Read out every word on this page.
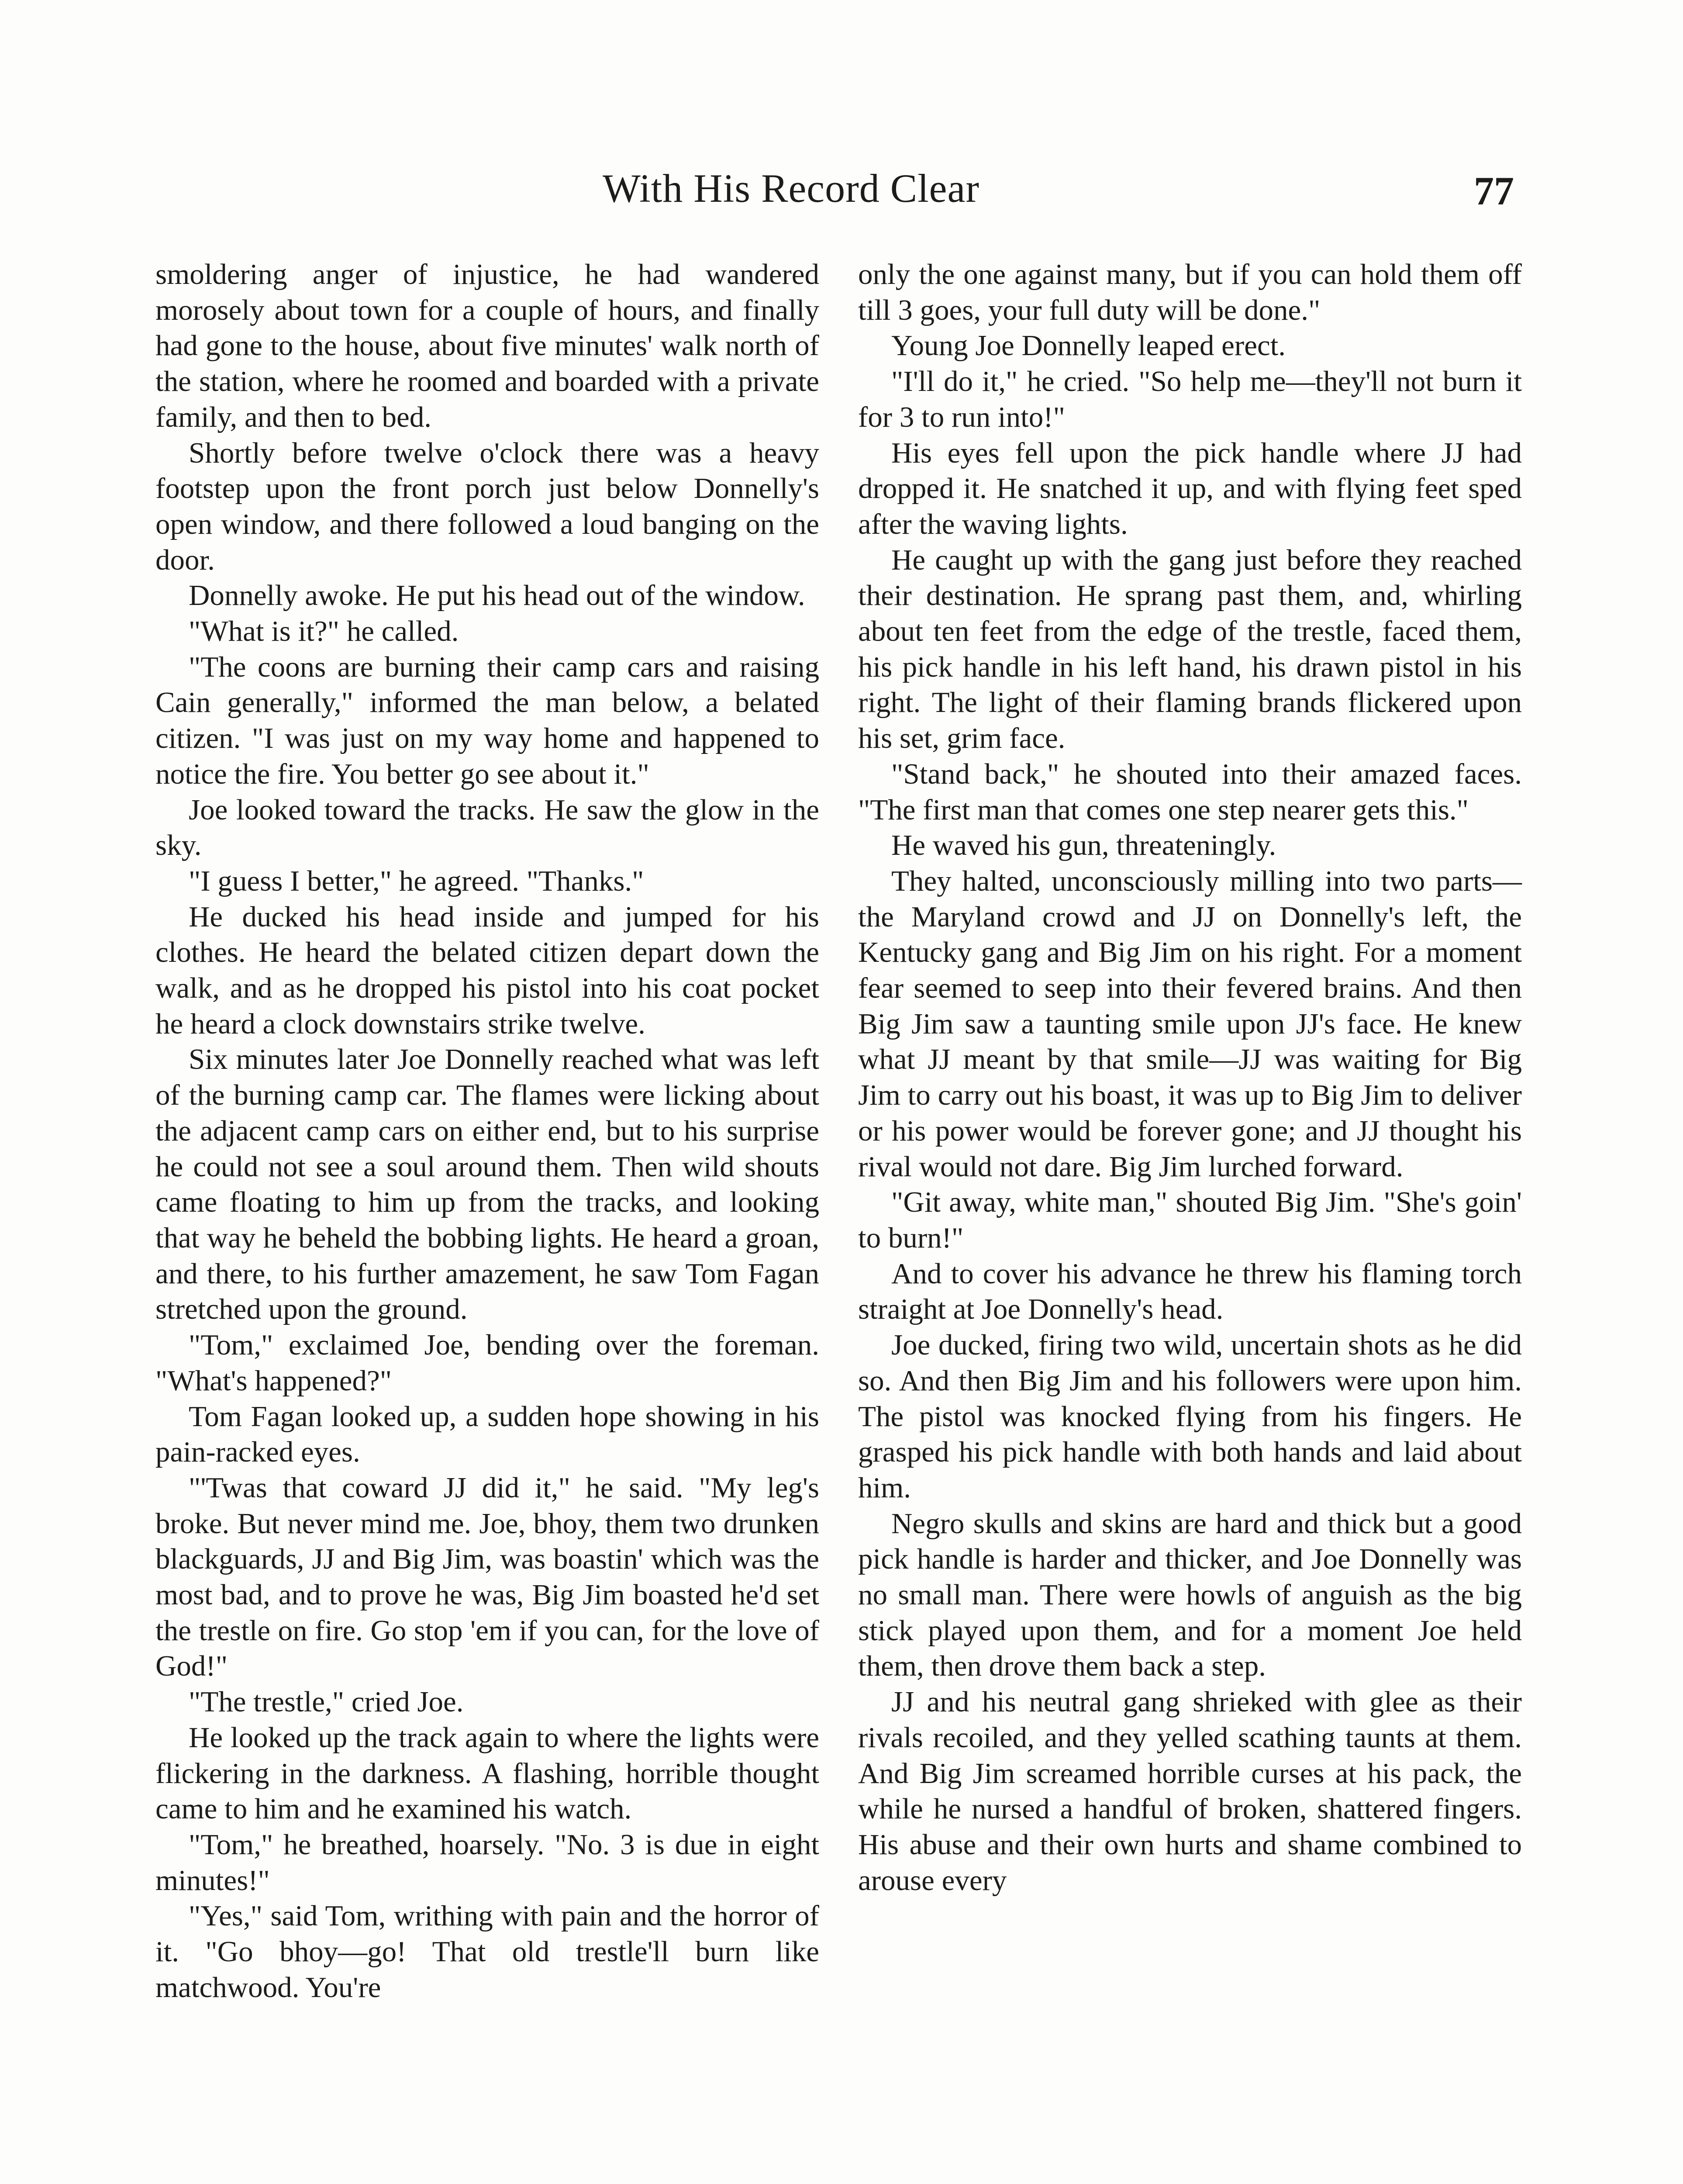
With His Record Clear	77

smoldering anger of injustice, he had wandered morosely about town for a couple of hours, and finally had gone to the house, about five minutes' walk north of the station, where he roomed and boarded with a private family, and then to bed.

Shortly before twelve o'clock there was a heavy footstep upon the front porch just below Donnelly's open window, and there followed a loud banging on the door.

Donnelly awoke. He put his head out of the window.

"What is it?" he called.

"The coons are burning their camp cars and raising Cain generally," informed the man below, a belated citizen. "I was just on my way home and happened to notice the fire. You better go see about it."

Joe looked toward the tracks. He saw the glow in the sky.

"I guess I better," he agreed. "Thanks."

He ducked his head inside and jumped for his clothes. He heard the belated citizen depart down the walk, and as he dropped his pistol into his coat pocket he heard a clock downstairs strike twelve.

Six minutes later Joe Donnelly reached what was left of the burning camp car. The flames were licking about the adjacent camp cars on either end, but to his surprise he could not see a soul around them. Then wild shouts came floating to him up from the tracks, and looking that way he beheld the bobbing lights. He heard a groan, and there, to his further amazement, he saw Tom Fagan stretched upon the ground.

"Tom," exclaimed Joe, bending over the foreman. "What's happened?"

Tom Fagan looked up, a sudden hope showing in his pain-racked eyes.

"'Twas that coward JJ did it," he said. "My leg's broke. But never mind me. Joe, bhoy, them two drunken blackguards, JJ and Big Jim, was boastin' which was the most bad, and to prove he was, Big Jim boasted he'd set the trestle on fire. Go stop 'em if you can, for the love of God!"

"The trestle," cried Joe.

He looked up the track again to where the lights were flickering in the darkness. A flashing, horrible thought came to him and he examined his watch.

"Tom," he breathed, hoarsely. "No. 3 is due in eight minutes!"

"Yes," said Tom, writhing with pain and the horror of it. "Go bhoy—go! That old trestle'll burn like matchwood. You're

only the one against many, but if you can hold them off till 3 goes, your full duty will be done."

Young Joe Donnelly leaped erect.

"I'll do it," he cried. "So help me—they'll not burn it for 3 to run into!"

His eyes fell upon the pick handle where JJ had dropped it. He snatched it up, and with flying feet sped after the waving lights.

He caught up with the gang just before they reached their destination. He sprang past them, and, whirling about ten feet from the edge of the trestle, faced them, his pick handle in his left hand, his drawn pistol in his right. The light of their flaming brands flickered upon his set, grim face.

"Stand back," he shouted into their amazed faces. "The first man that comes one step nearer gets this."

He waved his gun, threateningly.

They halted, unconsciously milling into two parts—the Maryland crowd and JJ on Donnelly's left, the Kentucky gang and Big Jim on his right. For a moment fear seemed to seep into their fevered brains. And then Big Jim saw a taunting smile upon JJ's face. He knew what JJ meant by that smile—JJ was waiting for Big Jim to carry out his boast, it was up to Big Jim to deliver or his power would be forever gone; and JJ thought his rival would not dare. Big Jim lurched forward.

"Git away, white man," shouted Big Jim. "She's goin' to burn!"

And to cover his advance he threw his flaming torch straight at Joe Donnelly's head.

Joe ducked, firing two wild, uncertain shots as he did so. And then Big Jim and his followers were upon him. The pistol was knocked flying from his fingers. He grasped his pick handle with both hands and laid about him.

Negro skulls and skins are hard and thick but a good pick handle is harder and thicker, and Joe Donnelly was no small man. There were howls of anguish as the big stick played upon them, and for a moment Joe held them, then drove them back a step.

JJ and his neutral gang shrieked with glee as their rivals recoiled, and they yelled scathing taunts at them. And Big Jim screamed horrible curses at his pack, the while he nursed a handful of broken, shattered fingers. His abuse and their own hurts and shame combined to arouse every
